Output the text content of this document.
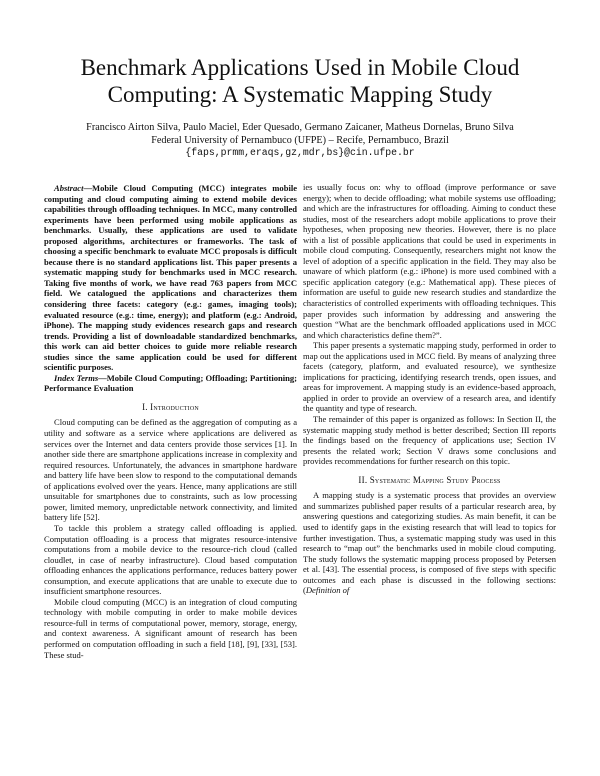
Benchmark Applications Used in Mobile Cloud
Computing: A Systematic Mapping Study
Francisco Airton Silva, Paulo Maciel, Eder Quesado, Germano Zaicaner, Matheus Dornelas, Bruno Silva
Federal University of Pernambuco (UFPE) – Recife, Pernambuco, Brazil
{faps,prmm,eraqs,gz,mdr,bs}@cin.ufpe.br

Abstract—Mobile Cloud Computing (MCC) integrates mobile computing and cloud computing aiming to extend mobile devices capabilities through offloading techniques. In MCC, many controlled experiments have been performed using mobile applications as benchmarks. Usually, these applications are used to validate proposed algorithms, architectures or frameworks. The task of choosing a specific benchmark to evaluate MCC proposals is difficult because there is no standard applications list. This paper presents a systematic mapping study for benchmarks used in MCC research. Taking five months of work, we have read 763 papers from MCC field. We catalogued the applications and characterizes them considering three facets: category (e.g.: games, imaging tools); evaluated resource (e.g.: time, energy); and platform (e.g.: Android, iPhone). The mapping study evidences research gaps and research trends. Providing a list of downloadable standardized benchmarks, this work can aid better choices to guide more reliable research studies since the same application could be used for different scientific purposes.

Index Terms—Mobile Cloud Computing; Offloading; Partitioning; Performance Evaluation

I. Introduction

Cloud computing can be defined as the aggregation of computing as a utility and software as a service where applications are delivered as services over the Internet and data centers provide those services [1]. In another side there are smartphone applications increase in complexity and required resources. Unfortunately, the advances in smartphone hardware and battery life have been slow to respond to the computational demands of applications evolved over the years. Hence, many applications are still unsuitable for smartphones due to constraints, such as low processing power, limited memory, unpredictable network connectivity, and limited battery life [52].

To tackle this problem a strategy called offloading is applied. Computation offloading is a process that migrates resource-intensive computations from a mobile device to the resource-rich cloud (called cloudlet, in case of nearby infrastructure). Cloud based computation offloading enhances the applications performance, reduces battery power consumption, and execute applications that are unable to execute due to insufficient smartphone resources.

Mobile cloud computing (MCC) is an integration of cloud computing technology with mobile computing in order to make mobile devices resource-full in terms of computational power, memory, storage, energy, and context awareness. A significant amount of research has been performed on computation offloading in such a field [18], [9], [33], [53]. These stud-

ies usually focus on: why to offload (improve performance or save energy); when to decide offloading; what mobile systems use offloading; and which are the infrastructures for offloading. Aiming to conduct these studies, most of the researchers adopt mobile applications to prove their hypotheses, when proposing new theories. However, there is no place with a list of possible applications that could be used in experiments in mobile cloud computing. Consequently, researchers might not know the level of adoption of a specific application in the field. They may also be unaware of which platform (e.g.: iPhone) is more used combined with a specific application category (e.g.: Mathematical app). These pieces of information are useful to guide new research studies and standardize the characteristics of controlled experiments with offloading techniques. This paper provides such information by addressing and answering the question “What are the benchmark offloaded applications used in MCC and which characteristics define them?”.

This paper presents a systematic mapping study, performed in order to map out the applications used in MCC field. By means of analyzing three facets (category, platform, and evaluated resource), we synthesize implications for practicing, identifying research trends, open issues, and areas for improvement. A mapping study is an evidence-based approach, applied in order to provide an overview of a research area, and identify the quantity and type of research.

The remainder of this paper is organized as follows: In Section II, the systematic mapping study method is better described; Section III reports the findings based on the frequency of applications use; Section IV presents the related work; Section V draws some conclusions and provides recommendations for further research on this topic.

II. Systematic Mapping Study Process

A mapping study is a systematic process that provides an overview and summarizes published paper results of a particular research area, by answering questions and categorizing studies. As main benefit, it can be used to identify gaps in the existing research that will lead to topics for further investigation. Thus, a systematic mapping study was used in this research to “map out” the benchmarks used in mobile cloud computing. The study follows the systematic mapping process proposed by Petersen et al. [43]. The essential process, is composed of five steps with specific outcomes and each phase is discussed in the following sections: (Definition of
